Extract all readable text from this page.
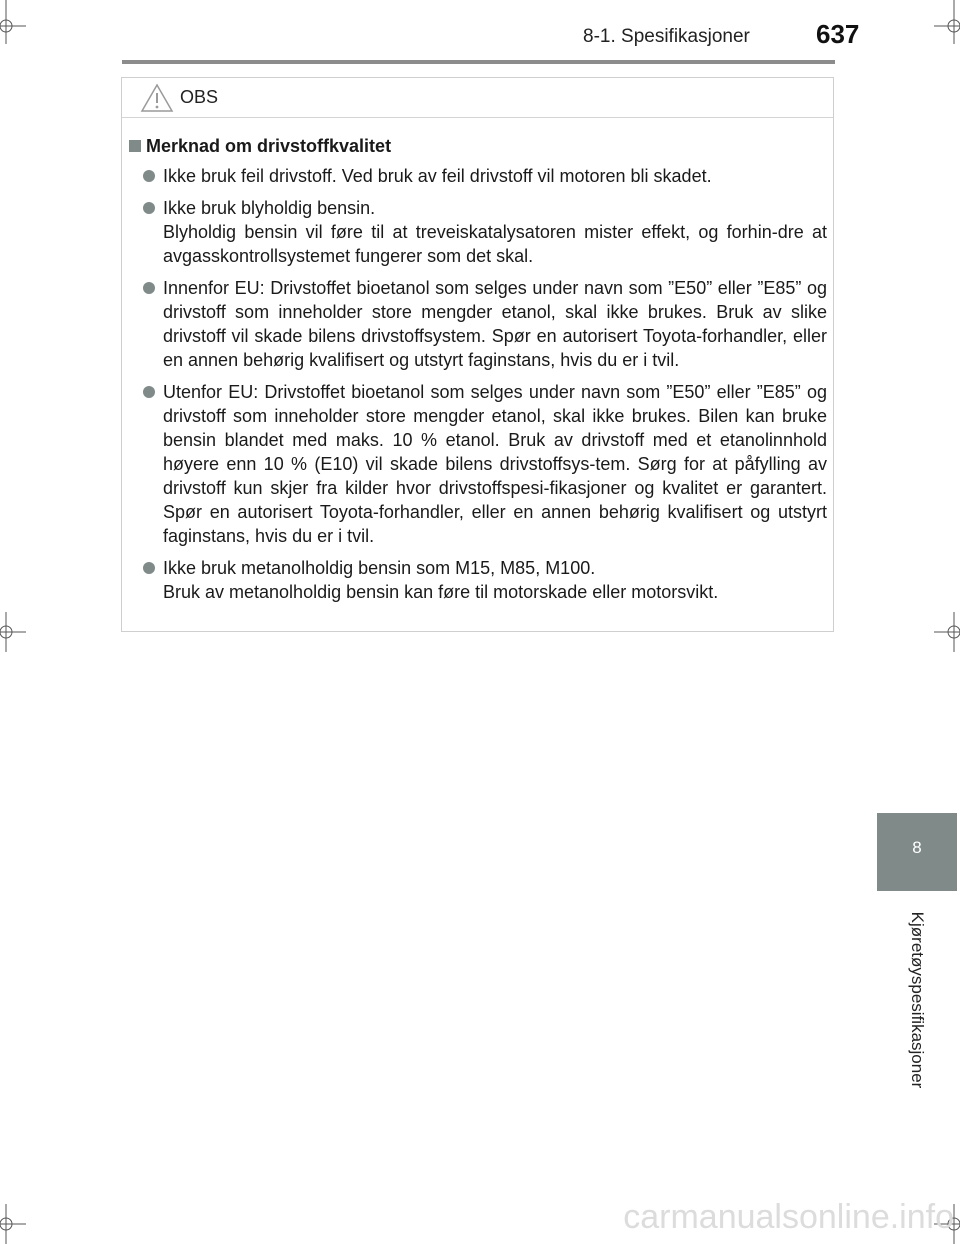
8-1. Spesifikasjoner	637
OBS
Merknad om drivstoffkvalitet
Ikke bruk feil drivstoff. Ved bruk av feil drivstoff vil motoren bli skadet.
Ikke bruk blyholdig bensin.
Blyholdig bensin vil føre til at treveiskatalysatoren mister effekt, og forhin-dre at avgasskontrollsystemet fungerer som det skal.
Innenfor EU: Drivstoffet bioetanol som selges under navn som ”E50” eller ”E85” og drivstoff som inneholder store mengder etanol, skal ikke brukes. Bruk av slike drivstoff vil skade bilens drivstoffsystem. Spør en autorisert Toyota-forhandler, eller en annen behørig kvalifisert og utstyrt faginstans, hvis du er i tvil.
Utenfor EU: Drivstoffet bioetanol som selges under navn som ”E50” eller ”E85” og drivstoff som inneholder store mengder etanol, skal ikke brukes. Bilen kan bruke bensin blandet med maks. 10 % etanol. Bruk av drivstoff med et etanolinnhold høyere enn 10 % (E10) vil skade bilens drivstoffsys-tem. Sørg for at påfylling av drivstoff kun skjer fra kilder hvor drivstoffspesi-fikasjoner og kvalitet er garantert. Spør en autorisert Toyota-forhandler, eller en annen behørig kvalifisert og utstyrt faginstans, hvis du er i tvil.
Ikke bruk metanolholdig bensin som M15, M85, M100.
Bruk av metanolholdig bensin kan føre til motorskade eller motorsvikt.
8
Kjøretøyspesifikasjoner
carmanualsonline.info
